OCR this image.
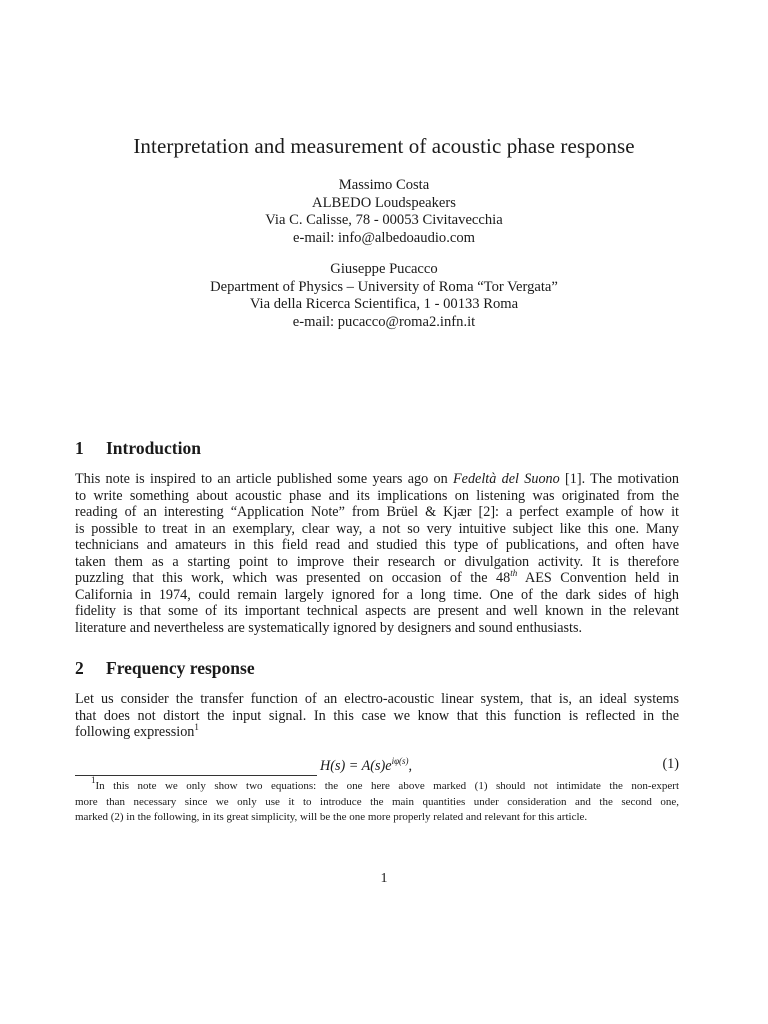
Interpretation and measurement of acoustic phase response
Massimo Costa
ALBEDO Loudspeakers
Via C. Calisse, 78 - 00053 Civitavecchia
e-mail: info@albedoaudio.com
Giuseppe Pucacco
Department of Physics – University of Roma “Tor Vergata”
Via della Ricerca Scientifica, 1 - 00133 Roma
e-mail: pucacco@roma2.infn.it
1 Introduction
This note is inspired to an article published some years ago on Fedeltà del Suono [1]. The motivation
to write something about acoustic phase and its implications on listening was originated from the
reading of an interesting “Application Note” from Brüel & Kjær [2]: a perfect example of how it
is possible to treat in an exemplary, clear way, a not so very intuitive subject like this one. Many
technicians and amateurs in this field read and studied this type of publications, and often have
taken them as a starting point to improve their research or divulgation activity. It is therefore
puzzling that this work, which was presented on occasion of the 48th AES Convention held in
California in 1974, could remain largely ignored for a long time. One of the dark sides of high
fidelity is that some of its important technical aspects are present and well known in the relevant
literature and nevertheless are systematically ignored by designers and sound enthusiasts.
2 Frequency response
Let us consider the transfer function of an electro-acoustic linear system, that is, an ideal systems
that does not distort the input signal. In this case we know that this function is reflected in the
following expression$^1$
$H(s) = A(s)e^{i\varphi(s)}$,	(1)
$^1$In this note we only show two equations: the one here above marked (1) should not intimidate the non-expert
more than necessary since we only use it to introduce the main quantities under consideration and the second one,
marked (2) in the following, in its great simplicity, will be the one more properly related and relevant for this article.
1
